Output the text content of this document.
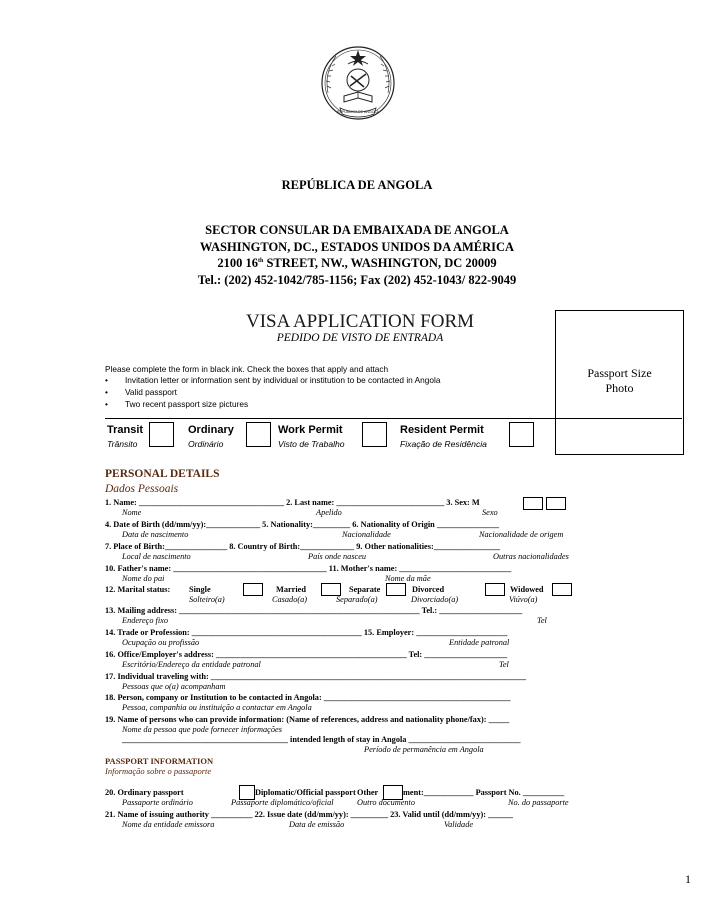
REPÚBLICA DE ANGOLA
REPÚBLICA DE ANGOLA
SECTOR CONSULAR DA EMBAIXADA DE ANGOLA
WASHINGTON, DC., ESTADOS UNIDOS DA AMÉRICA
2100 16th STREET, NW., WASHINGTON, DC 20009
Tel.: (202) 452-1042/785-1156; Fax (202) 452-1043/ 822-9049
VISA APPLICATION FORM
PEDIDO DE VISTO DE ENTRADA
Passport Size
Photo
Please complete the form in black ink. Check the boxes that apply and attach
• Invitation letter or information sent by individual or institution to be contacted in Angola
• Valid passport
• Two recent passport size pictures
Transit
Trânsito
Ordinary
Ordinário
Work Permit
Visto de Trabalho
Resident Permit
Fixação de Residência
PERSONAL DETAILS
Dados Pessoais
1. Name: ___________________________________ 2. Last name: __________________________ 3. Sex: M
Nome	Apelido	Sexo
4. Date of Birth (dd/mm/yy):_____________ 5. Nationality:_________ 6. Nationality of Origin _______________
Data de nascimento	Nacionalidade	Nacionalidade de origem
7. Place of Birth:_______________ 8. Country of Birth:_____________ 9. Other nationalities:________________
Local de nascimento	País onde nasceu	Outras nacionalidades
10. Father's name: _____________________________________ 11. Mother's name: ___________________________
Nome do pai	Nome da mãe
12. Marital status: Single	Married	Separate	Divorced	Widowed
Solteiro(a)	Casado(a)	Separado(a)	Divorciado(a)	Viúvo(a)
13. Mailing address: __________________________________________________________ Tel.: ____________________
Endereço fixo	Tel
14. Trade or Profession: _________________________________________ 15. Employer: ______________________
Ocupação ou profissão	Entidade patronal
16. Office/Employer's address: ______________________________________________ Tel: ____________________
Escritório/Endereço da entidade patronal	Tel
17. Individual traveling with: ____________________________________________________________________________
Pessoas que o(a) acompanham
18. Person, company or Institution to be contacted in Angola: _____________________________________________
Pessoa, companhia ou instituição a contactar em Angola
19. Name of persons who can provide information: (Name of references, address and nationality phone/fax): _____
Nome da pessoa que pode fornecer informações
________________________________________ intended length of stay in Angola ___________________________
Período de permanência em Angola
PASSPORT INFORMATION
Informação sobre o passaporte
20. Ordinary passport	Diplomatic/Official passport Other	ment:____________ Passport No. __________
Passaporte ordinário	Passaporte diplomático/oficial	Outro documento	No. do passaporte
21. Name of issuing authority __________ 22. Issue date (dd/mm/yy): _________ 23. Valid until (dd/mm/yy): ______
Nome da entidade emissora	Data de emissão	Validade
1
